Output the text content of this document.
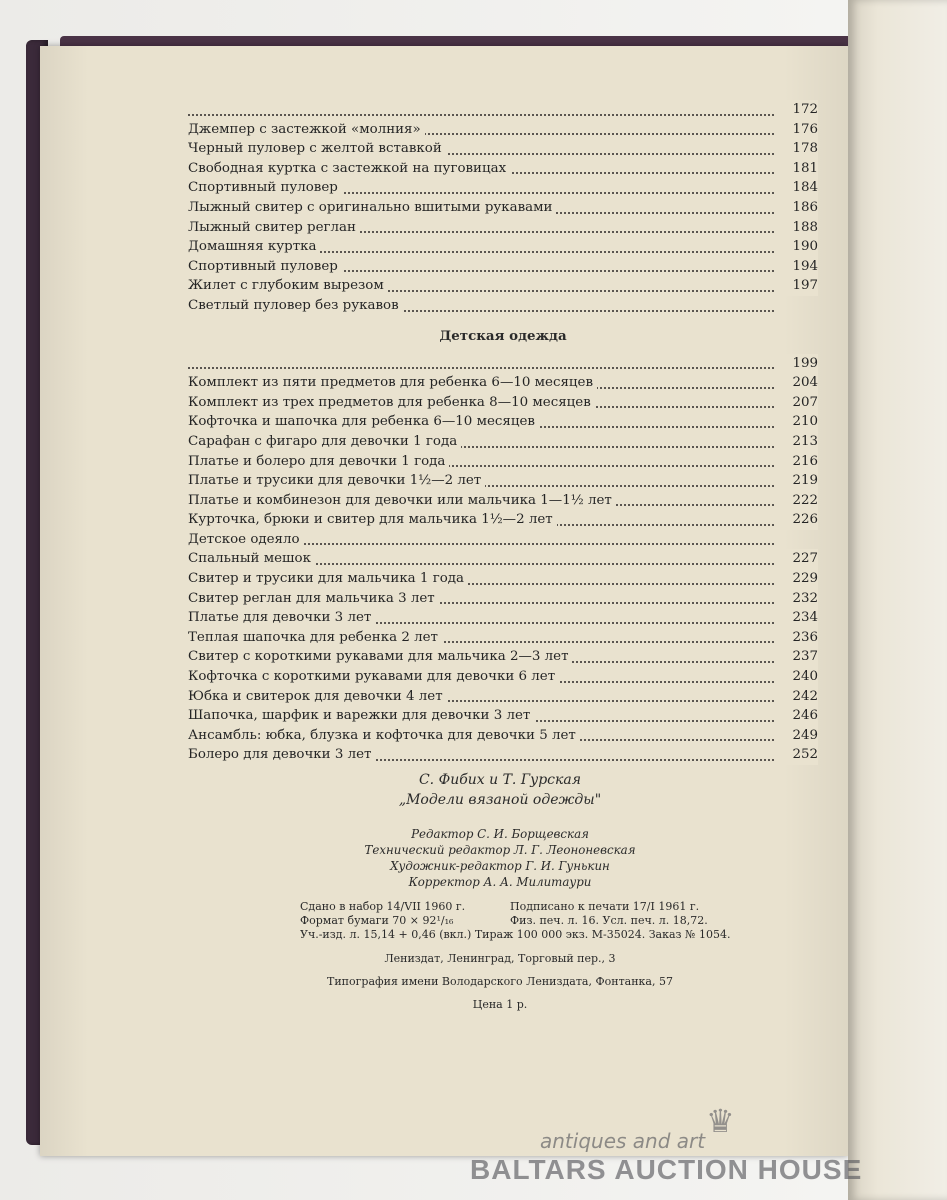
172
Джемпер с застежкой «молния»	176
Черный пуловер с желтой вставкой	178
Свободная куртка с застежкой на пуговицах	181
Спортивный пуловер	184
Лыжный свитер с оригинально вшитыми рукавами	186
Лыжный свитер реглан	188
Домашняя куртка	190
Спортивный пуловер	194
Жилет с глубоким вырезом	197
Светлый пуловер без рукавов
Детская одежда
199
Комплект из пяти предметов для ребенка 6—10 месяцев	204
Комплект из трех предметов для ребенка 8—10 месяцев	207
Кофточка и шапочка для ребенка 6—10 месяцев	210
Сарафан с фигаро для девочки 1 года	213
Платье и болеро для девочки 1 года	216
Платье и трусики для девочки 1½—2 лет	219
Платье и комбинезон для девочки или мальчика 1—1½ лет	222
Курточка, брюки и свитер для мальчика 1½—2 лет	226
Детское одеяло
Спальный мешок	227
Свитер и трусики для мальчика 1 года	229
Свитер реглан для мальчика 3 лет	232
Платье для девочки 3 лет	234
Теплая шапочка для ребенка 2 лет	236
Свитер с короткими рукавами для мальчика 2—3 лет	237
Кофточка с короткими рукавами для девочки 6 лет	240
Юбка и свитерок для девочки 4 лет	242
Шапочка, шарфик и варежки для девочки 3 лет	246
Ансамбль: юбка, блузка и кофточка для девочки 5 лет	249
Болеро для девочки 3 лет	252
С. Фибих и Т. Гурская
„Модели вязаной одежды"
Редактор С. И. Борщевская
Технический редактор Л. Г. Леононевская
Художник-редактор Г. И. Гунькин
Корректор А. А. Милитаури
Сдано в набор 14/VII 1960 г.	Подписано к печати 17/I 1961 г.
Формат бумаги 70 × 92¹/₁₆	Физ. печ. л. 16. Усл. печ. л. 18,72.
Уч.-изд. л. 15,14 + 0,46 (вкл.) Тираж 100 000 экз. М-35024. Заказ № 1054.
Лениздат, Ленинград, Торговый пер., 3
Типография имени Володарского Лениздата, Фонтанка, 57
Цена 1 р.
♛
antiques and art
BALTARS AUCTION HOUSE
